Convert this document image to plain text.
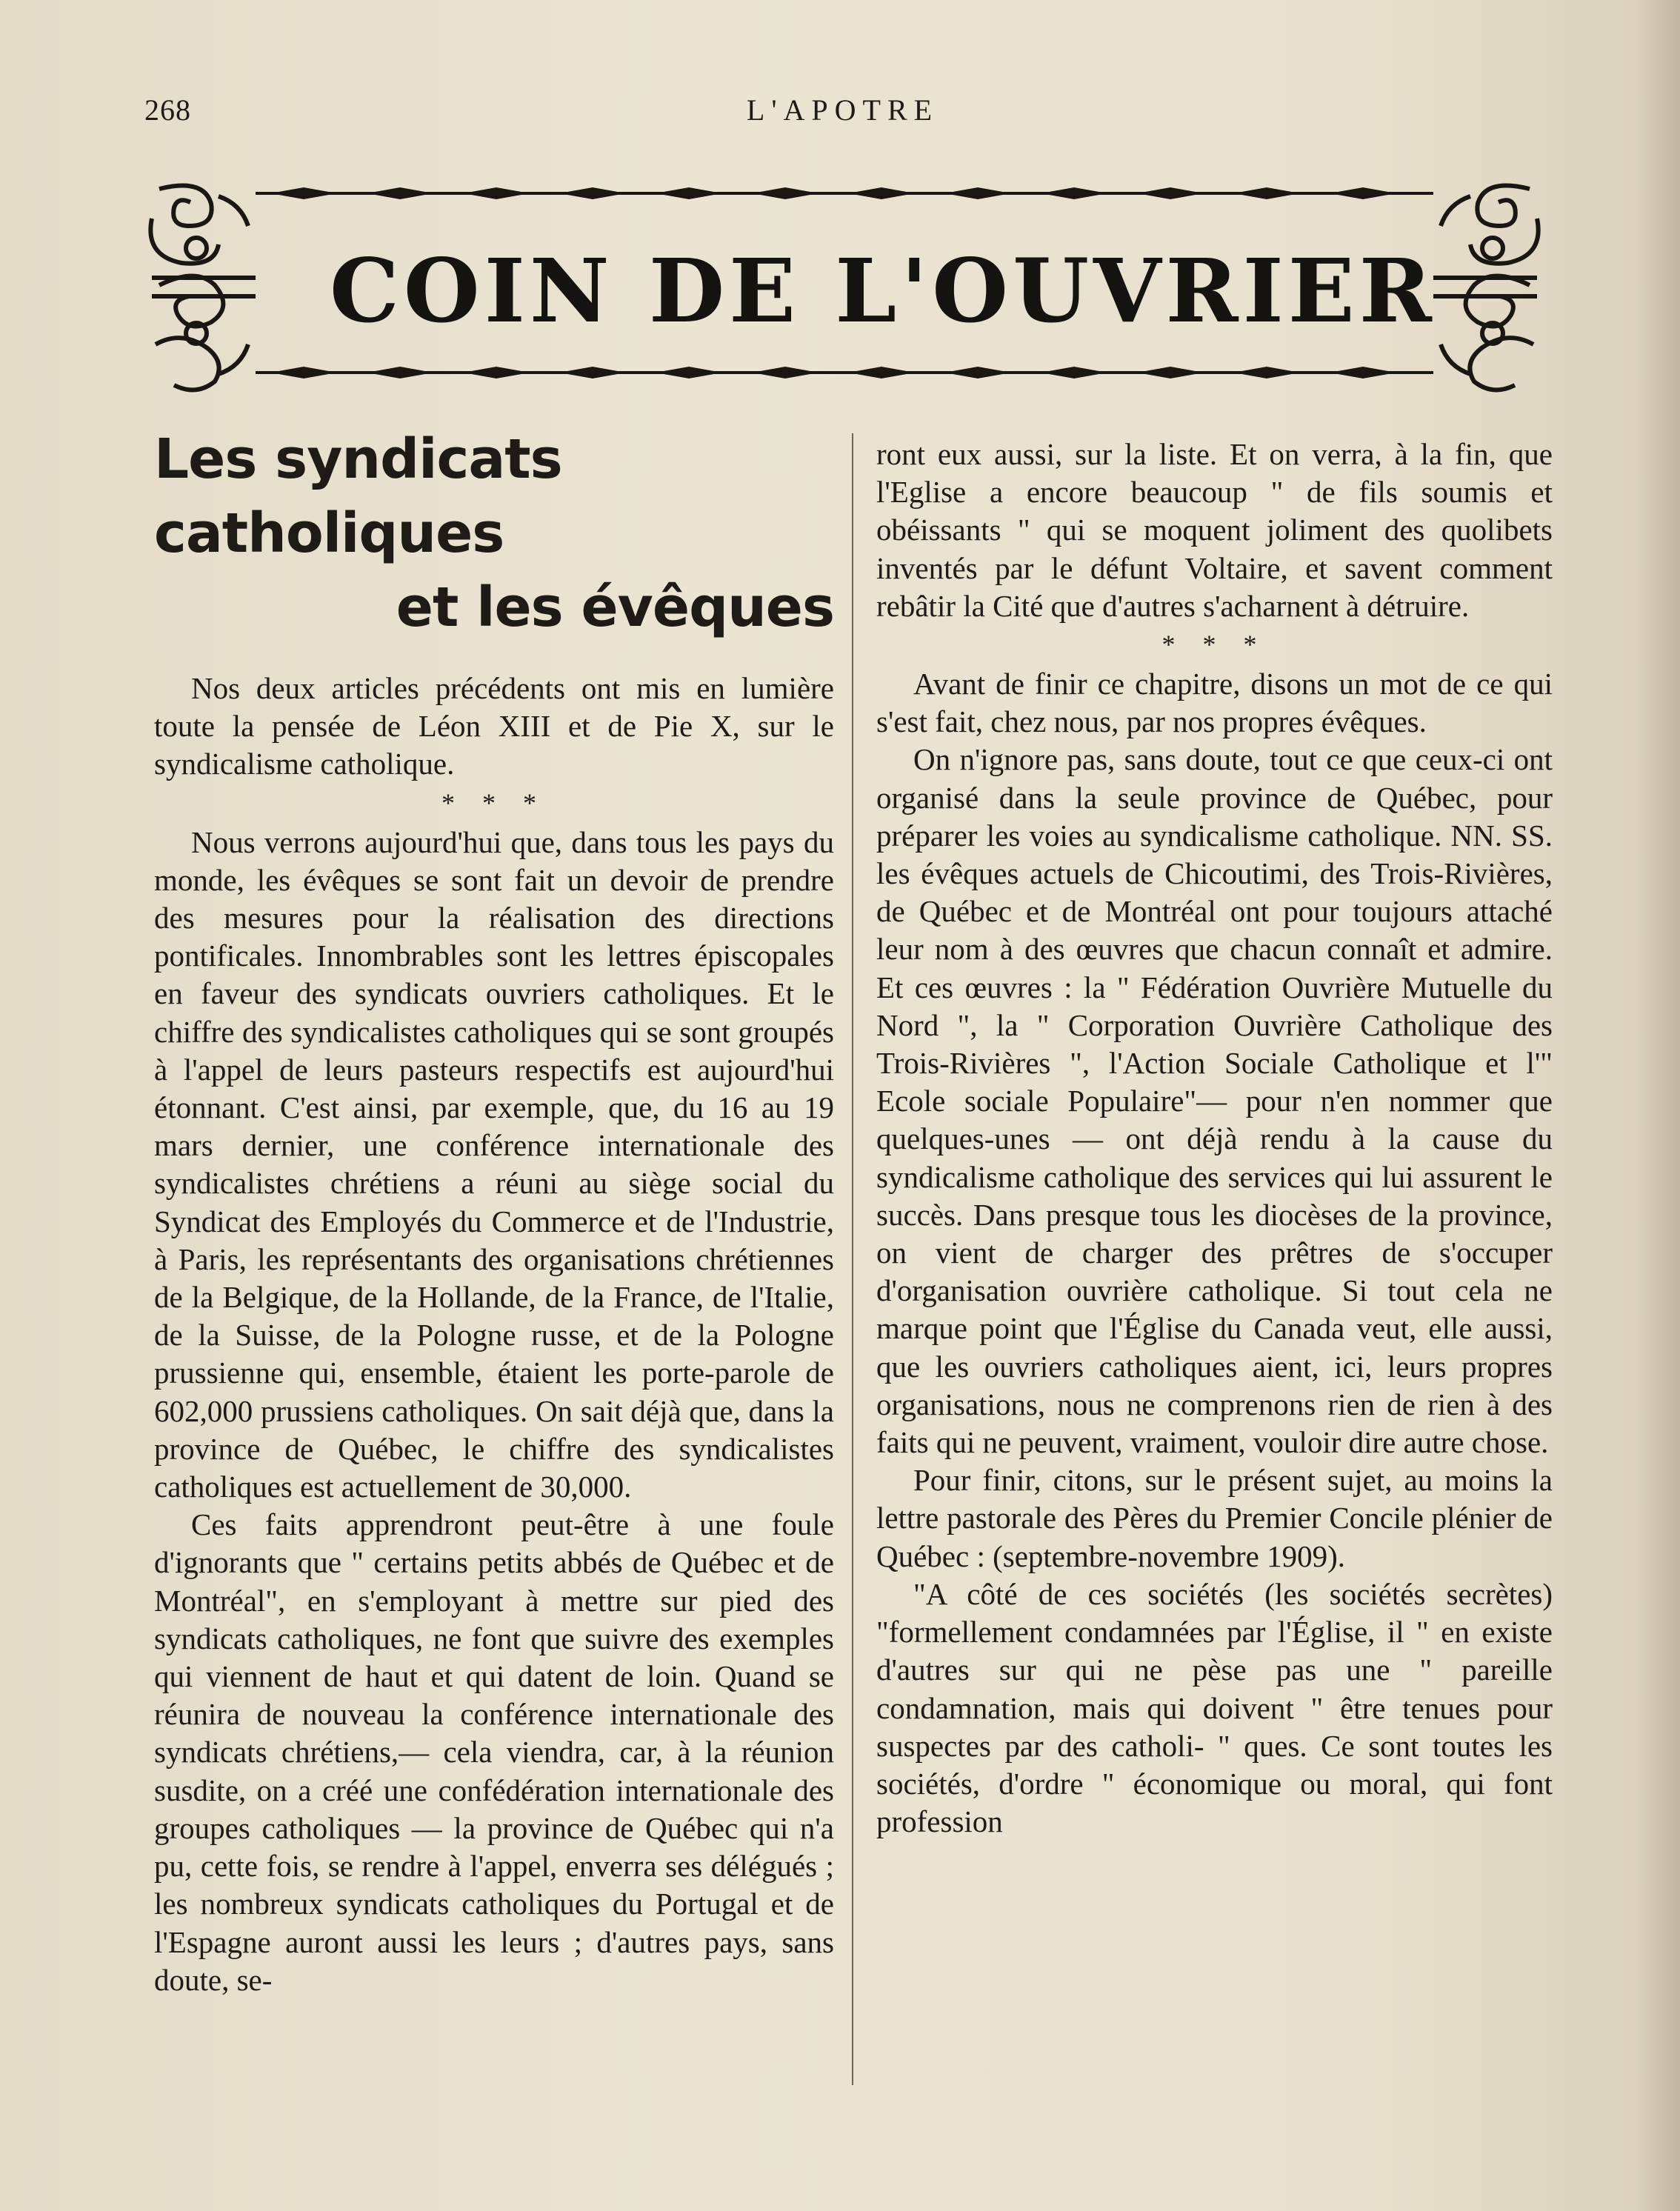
268	L'APOTRE
COIN DE L'OUVRIER
Les syndicats catholiques
et les évêques

Nos deux articles précédents ont mis en lumière toute la pensée de Léon XIII et de Pie X, sur le syndicalisme catholique.

* * *

Nous verrons aujourd'hui que, dans tous les pays du monde, les évêques se sont fait un devoir de prendre des mesures pour la réalisation des directions pontificales. Innombrables sont les lettres épiscopales en faveur des syndicats ouvriers catholiques. Et le chiffre des syndicalistes catholiques qui se sont groupés à l'appel de leurs pasteurs respectifs est aujourd'hui étonnant. C'est ainsi, par exemple, que, du 16 au 19 mars dernier, une conférence internationale des syndicalistes chrétiens a réuni au siège social du Syndicat des Employés du Commerce et de l'Industrie, à Paris, les représentants des organisations chrétiennes de la Belgique, de la Hollande, de la France, de l'Italie, de la Suisse, de la Pologne russe, et de la Pologne prussienne qui, ensemble, étaient les porte-parole de 602,000 prussiens catholiques. On sait déjà que, dans la province de Québec, le chiffre des syndicalistes catholiques est actuellement de 30,000.

Ces faits apprendront peut-être à une foule d'ignorants que " certains petits abbés de Québec et de Montréal", en s'employant à mettre sur pied des syndicats catholiques, ne font que suivre des exemples qui viennent de haut et qui datent de loin. Quand se réunira de nouveau la conférence internationale des syndicats chrétiens,— cela viendra, car, à la réunion susdite, on a créé une confédération internationale des groupes catholiques — la province de Québec qui n'a pu, cette fois, se rendre à l'appel, enverra ses délégués ; les nombreux syndicats catholiques du Portugal et de l'Espagne auront aussi les leurs ; d'autres pays, sans doute, se-

ront eux aussi, sur la liste. Et on verra, à la fin, que l'Eglise a encore beaucoup " de fils soumis et obéissants " qui se moquent joliment des quolibets inventés par le défunt Voltaire, et savent comment rebâtir la Cité que d'autres s'acharnent à détruire.

* * *

Avant de finir ce chapitre, disons un mot de ce qui s'est fait, chez nous, par nos propres évêques.

On n'ignore pas, sans doute, tout ce que ceux-ci ont organisé dans la seule province de Québec, pour préparer les voies au syndicalisme catholique. NN. SS. les évêques actuels de Chicoutimi, des Trois-Rivières, de Québec et de Montréal ont pour toujours attaché leur nom à des œuvres que chacun connaît et admire. Et ces œuvres : la " Fédération Ouvrière Mutuelle du Nord ", la " Corporation Ouvrière Catholique des Trois-Rivières ", l'Action Sociale Catholique et l'" Ecole sociale Populaire"— pour n'en nommer que quelques-unes — ont déjà rendu à la cause du syndicalisme catholique des services qui lui assurent le succès. Dans presque tous les diocèses de la province, on vient de charger des prêtres de s'occuper d'organisation ouvrière catholique. Si tout cela ne marque point que l'Église du Canada veut, elle aussi, que les ouvriers catholiques aient, ici, leurs propres organisations, nous ne comprenons rien de rien à des faits qui ne peuvent, vraiment, vouloir dire autre chose.

Pour finir, citons, sur le présent sujet, au moins la lettre pastorale des Pères du Premier Concile plénier de Québec : (septembre-novembre 1909).

"A côté de ces sociétés (les sociétés secrètes) "formellement condamnées par l'Église, il " en existe d'autres sur qui ne pèse pas une " pareille condamnation, mais qui doivent " être tenues pour suspectes par des catholi- " ques. Ce sont toutes les sociétés, d'ordre " économique ou moral, qui font profession
